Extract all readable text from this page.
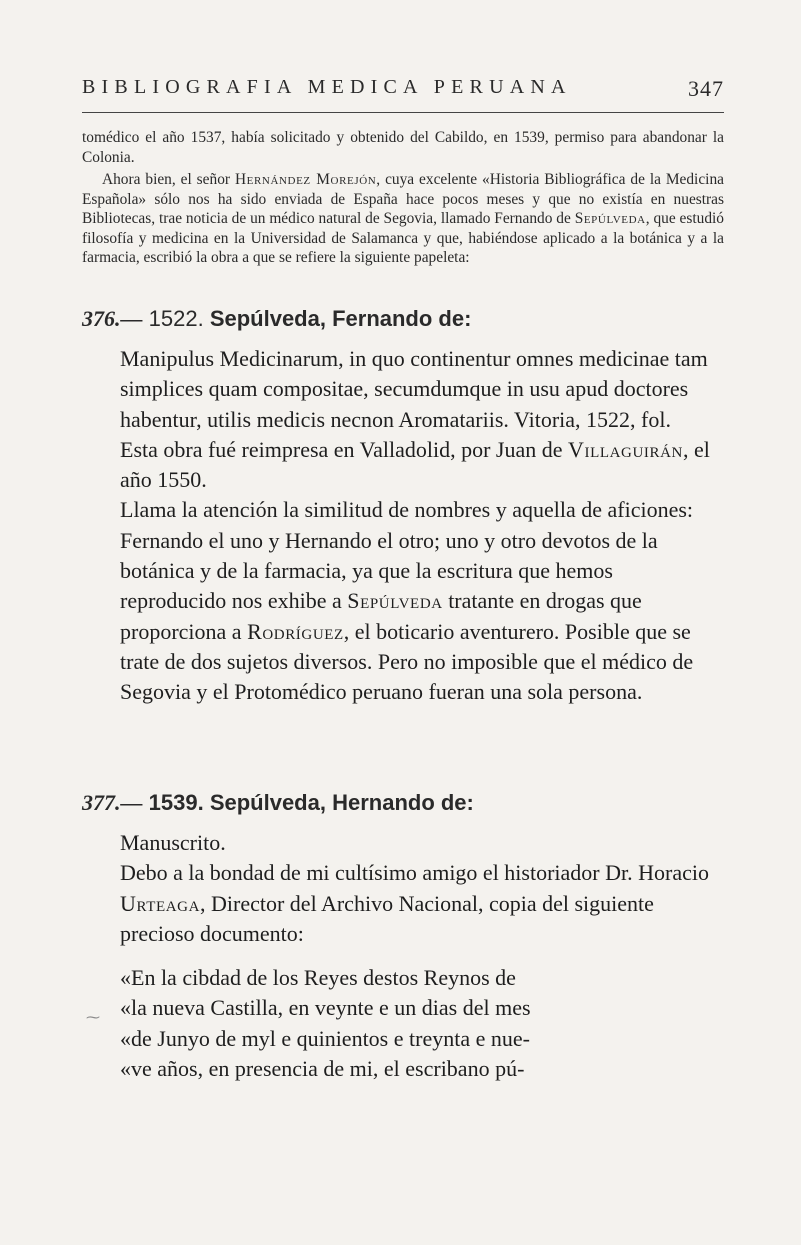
BIBLIOGRAFIA MEDICA PERUANA	347

tomédico el año 1537, había solicitado y obtenido del Cabildo, en 1539, permiso para abandonar la Colonia.

Ahora bien, el señor Hernández Morejón, cuya excelente «Historia Bibliográfica de la Medicina Española» sólo nos ha sido enviada de España hace pocos meses y que no existía en nuestras Bibliotecas, trae noticia de un médico natural de Segovia, llamado Fernando de Sepúlveda, que estudió filosofía y medicina en la Universidad de Salamanca y que, habiéndose aplicado a la botánica y a la farmacia, escribió la obra a que se refiere la siguiente papeleta:

376.— 1522. Sepúlveda, Fernando de:

Manipulus Medicinarum, in quo continentur omnes medicinae tam simplices quam compositae, secumdumque in usu apud doctores habentur, utilis medicis necnon Aromatariis. Vitoria, 1522, fol.

Esta obra fué reimpresa en Valladolid, por Juan de Villaguirán, el año 1550.

Llama la atención la similitud de nombres y aquella de aficiones: Fernando el uno y Hernando el otro; uno y otro devotos de la botánica y de la farmacia, ya que la escritura que hemos reproducido nos exhibe a Sepúlveda tratante en drogas que proporciona a Rodríguez, el boticario aventurero. Posible que se trate de dos sujetos diversos. Pero no imposible que el médico de Segovia y el Protomédico peruano fueran una sola persona.

377.— 1539. Sepúlveda, Hernando de:

Manuscrito.

Debo a la bondad de mi cultísimo amigo el historiador Dr. Horacio Urteaga, Director del Archivo Nacional, copia del siguiente precioso documento:

«En la cibdad de los Reyes destos Reynos de

«la nueva Castilla, en veynte e un dias del mes

«de Junyo de myl e quinientos e treynta e nue-

«ve años, en presencia de mi, el escribano pú-

⁓
